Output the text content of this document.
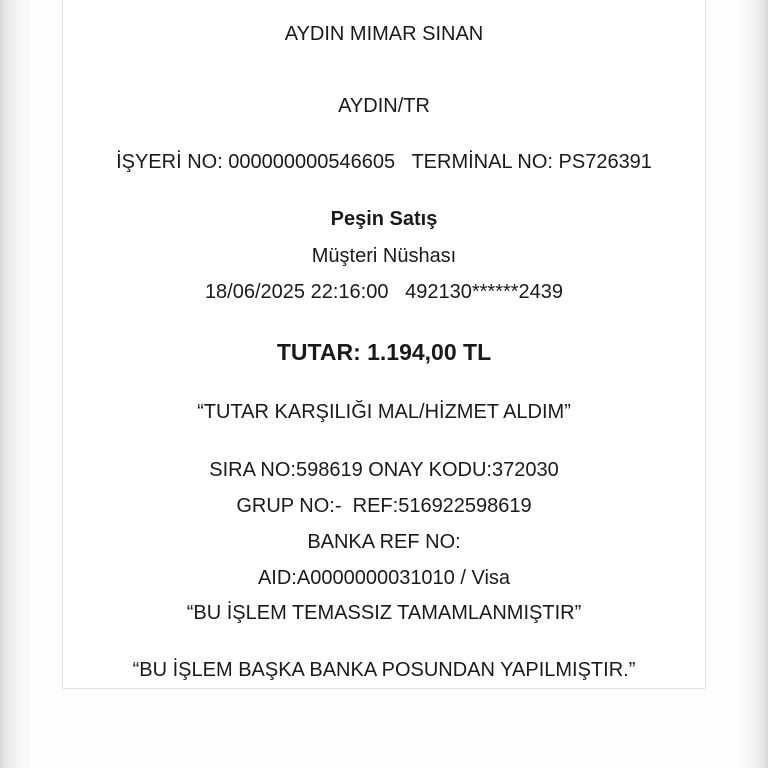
AYDIN MIMAR SINAN
AYDIN/TR
İŞYERİ NO: 000000000546605   TERMİNAL NO: PS726391
Peşin Satış
Müşteri Nüshası
18/06/2025 22:16:00   492130******2439
TUTAR: 1.194,00 TL
“TUTAR KARŞILIĞI MAL/HİZMET ALDIM”
SIRA NO:598619 ONAY KODU:372030
GRUP NO:-  REF:516922598619
BANKA REF NO:
AID:A0000000031010 / Visa
“BU İŞLEM TEMASSIZ TAMAMLANMIŞTIR”
“BU İŞLEM BAŞKA BANKA POSUNDAN YAPILMIŞTIR.”
